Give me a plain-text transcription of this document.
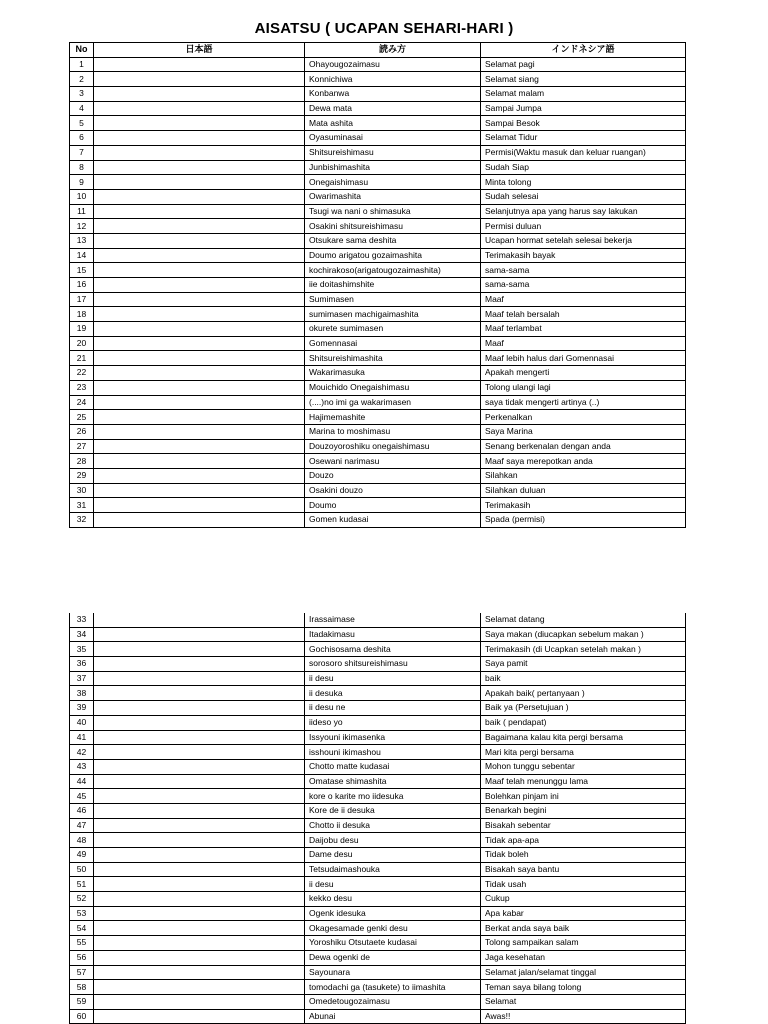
AISATSU ( UCAPAN SEHARI-HARI )
No	日本語	読み方	インドネシア語
1		Ohayougozaimasu	Selamat pagi
2		Konnichiwa	Selamat siang
3		Konbanwa	Selamat malam
4		Dewa mata	Sampai Jumpa
5		Mata ashita	Sampai Besok
6		Oyasuminasai	Selamat Tidur
7		Shitsureishimasu	Permisi(Waktu masuk dan keluar ruangan)
8		Junbishimashita	Sudah Siap
9		Onegaishimasu	Minta tolong
10		Owarimashita	Sudah selesai
11		Tsugi wa nani o shimasuka	Selanjutnya apa yang harus say lakukan
12		Osakini shitsureishimasu	Permisi duluan
13		Otsukare sama deshita	Ucapan hormat setelah selesai bekerja
14		Doumo arigatou gozaimashita	Terimakasih bayak
15		kochirakoso(arigatougozaimashita)	sama-sama
16		iie doitashimshite	sama-sama
17		Sumimasen	Maaf
18		sumimasen machigaimashita	Maaf telah bersalah
19		okurete sumimasen	Maaf terlambat
20		Gomennasai	Maaf
21		Shitsureishimashita	Maaf lebih halus dari Gomennasai
22		Wakarimasuka	Apakah mengerti
23		Mouichido Onegaishimasu	Tolong ulangi lagi
24		(....)no imi ga wakarimasen	saya tidak mengerti artinya (..)
25		Hajimemashite	Perkenalkan
26		Marina to moshimasu	Saya Marina
27		Douzoyoroshiku onegaishimasu	Senang berkenalan dengan anda
28		Osewani narimasu	Maaf saya merepotkan anda
29		Douzo	Silahkan
30		Osakini douzo	Silahkan duluan
31		Doumo	Terimakasih
32		Gomen kudasai	Spada (permisi)
33		Irassaimase	Selamat datang
34		Itadakimasu	Saya makan (diucapkan sebelum makan )
35		Gochisosama deshita	Terimakasih (di Ucapkan setelah makan )
36		sorosoro shitsureishimasu	Saya pamit
37		ii desu	baik
38		ii desuka	Apakah baik( pertanyaan )
39		ii desu ne	Baik ya (Persetujuan )
40		iideso yo	baik ( pendapat)
41		Issyouni ikimasenka	Bagaimana kalau kita pergi bersama
42		isshouni ikimashou	Mari kita pergi bersama
43		Chotto matte kudasai	Mohon tunggu sebentar
44		Omatase shimashita	Maaf telah menunggu lama
45		kore o karite mo iidesuka	Bolehkan pinjam ini
46		Kore de ii desuka	Benarkah begini
47		Chotto ii desuka	Bisakah sebentar
48		Daijobu desu	Tidak apa-apa
49		Dame desu	Tidak boleh
50		Tetsudaimashouka	Bisakah saya bantu
51		ii desu	Tidak usah
52		kekko desu	Cukup
53		Ogenk idesuka	Apa kabar
54		Okagesamade genki desu	Berkat anda saya baik
55		Yoroshiku Otsutaete kudasai	Tolong sampaikan salam
56		Dewa ogenki de	Jaga kesehatan
57		Sayounara	Selamat jalan/selamat tinggal
58		tomodachi ga (tasukete) to iimashita	Teman saya bilang tolong
59		Omedetougozaimasu	Selamat
60		Abunai	Awas!!
